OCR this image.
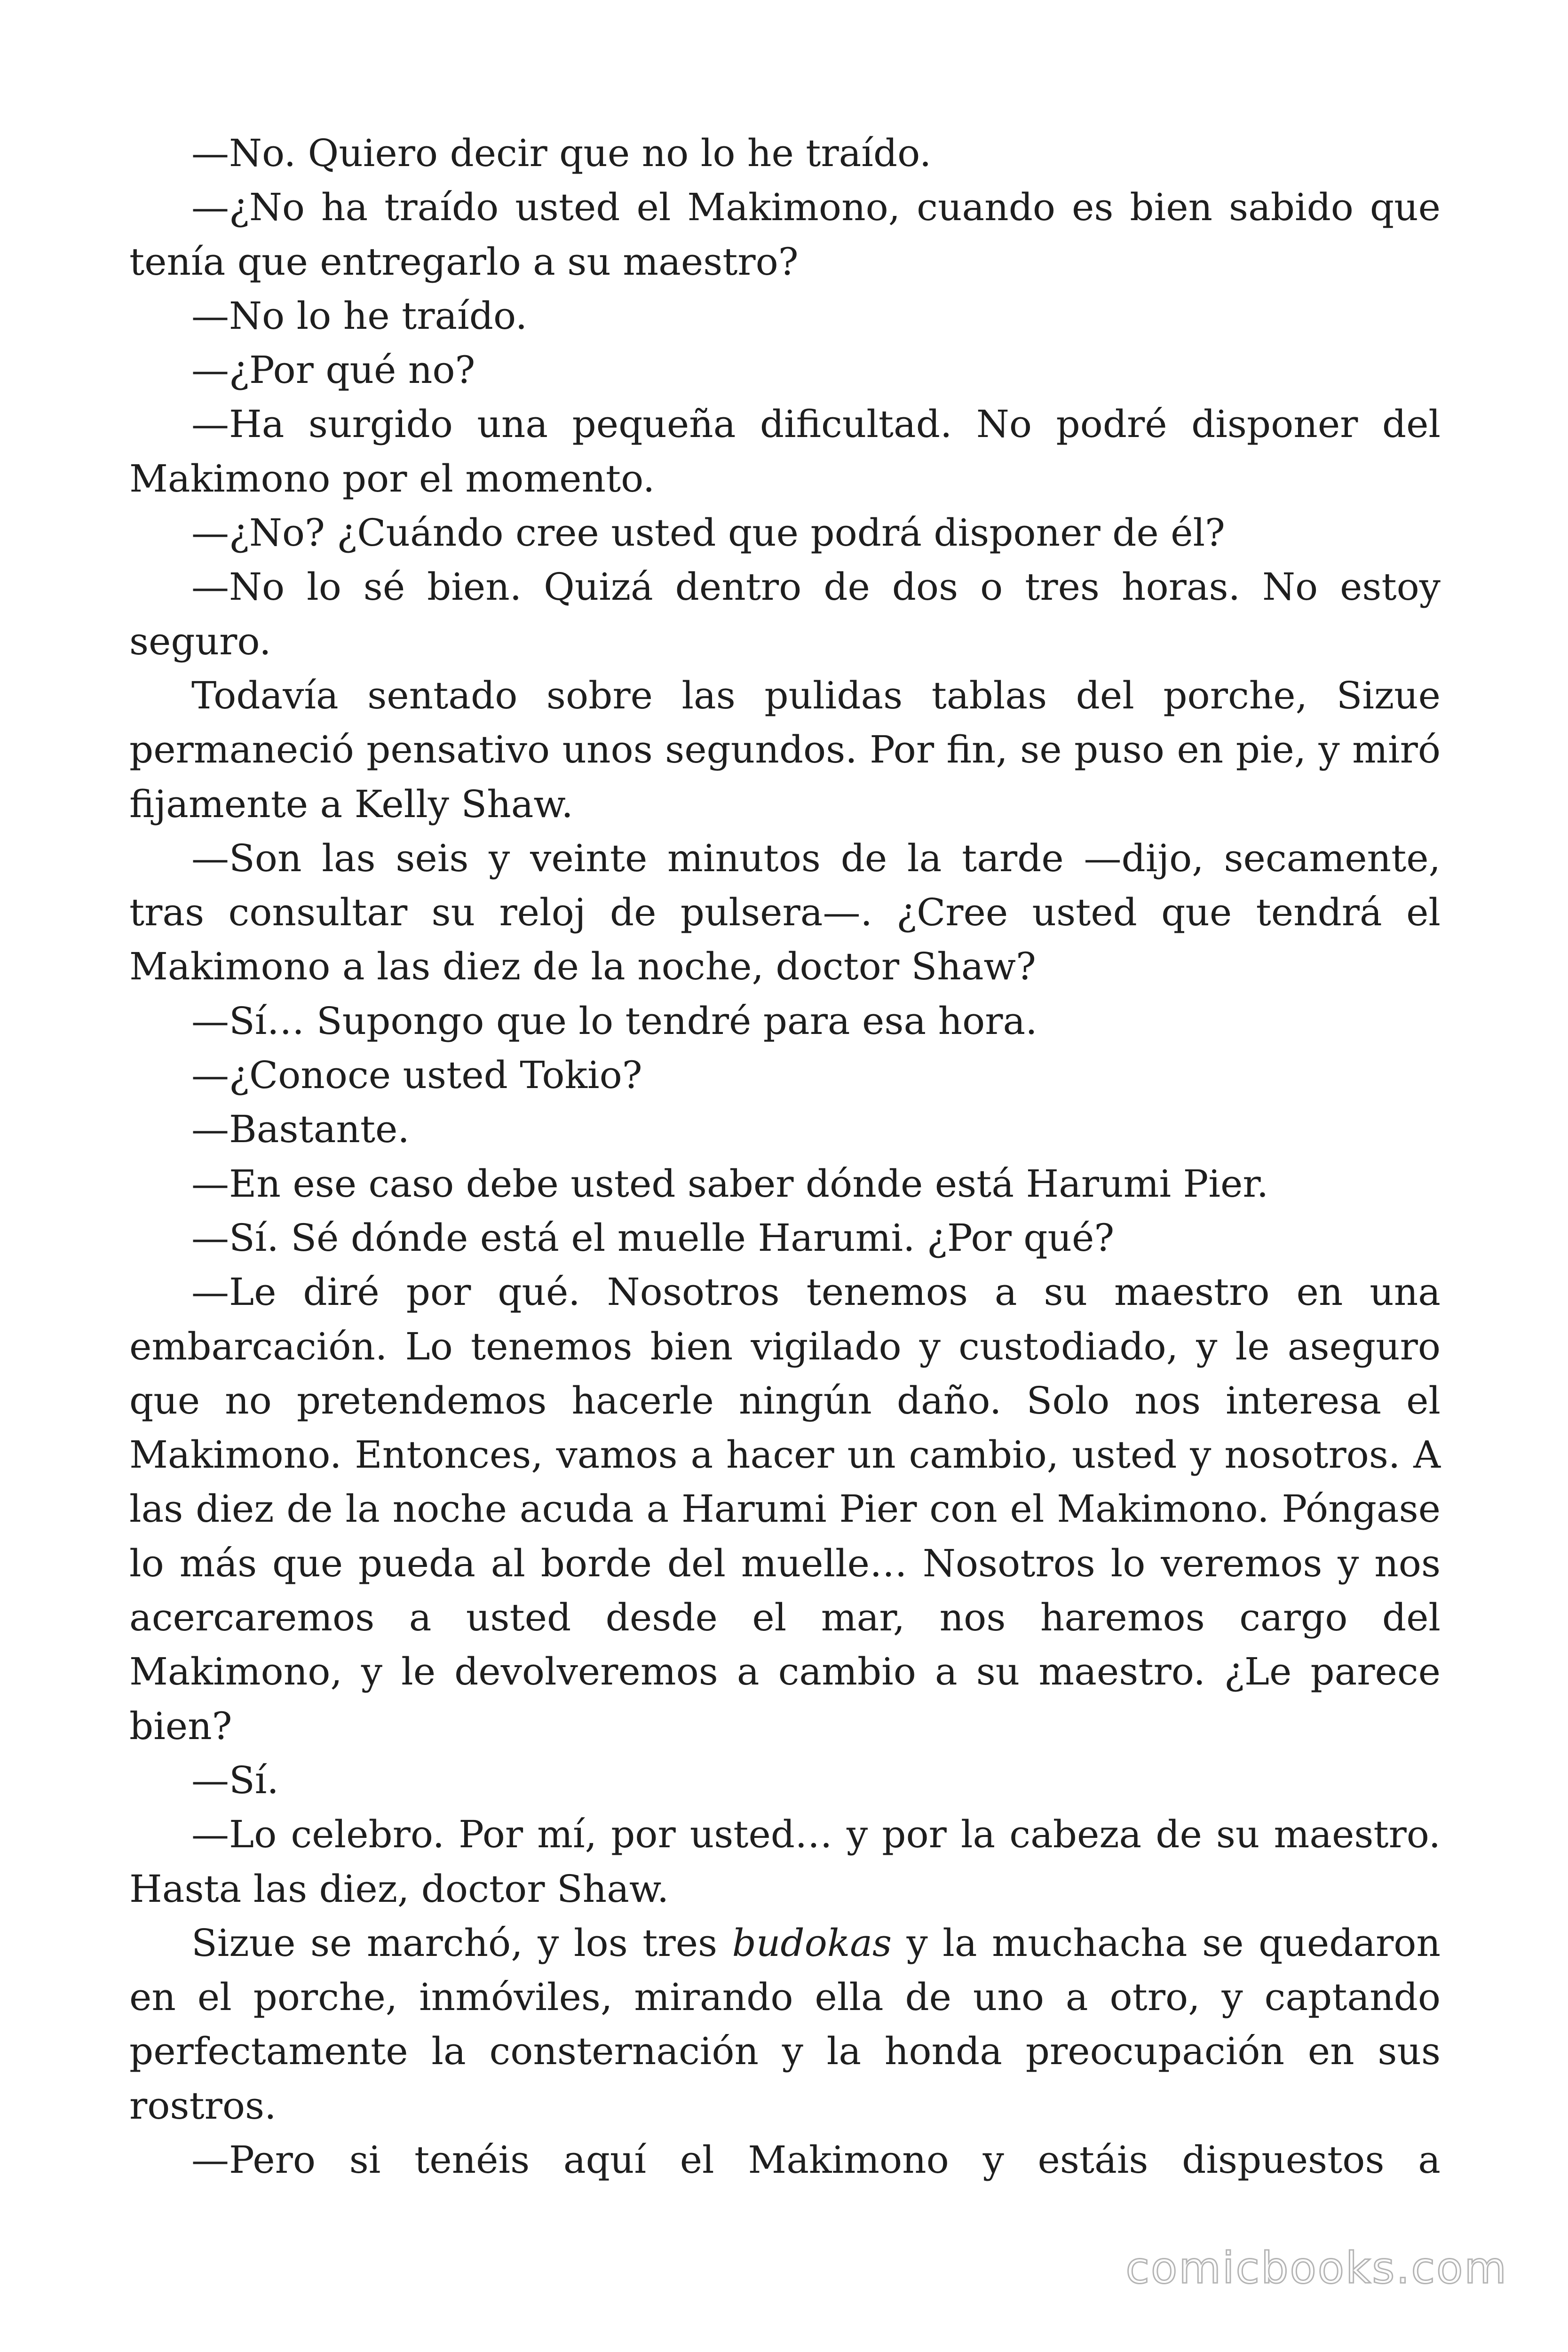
—No. Quiero decir que no lo he traído.

—¿No ha traído usted el Makimono, cuando es bien sabido que tenía que entregarlo a su maestro?

—No lo he traído.

—¿Por qué no?

—Ha surgido una pequeña dificultad. No podré disponer del Makimono por el momento.

—¿No? ¿Cuándo cree usted que podrá disponer de él?

—No lo sé bien. Quizá dentro de dos o tres horas. No estoy seguro.

Todavía sentado sobre las pulidas tablas del porche, Sizue permaneció pensativo unos segundos. Por fin, se puso en pie, y miró fijamente a Kelly Shaw.

—Son las seis y veinte minutos de la tarde —dijo, secamente, tras consultar su reloj de pulsera—. ¿Cree usted que tendrá el Makimono a las diez de la noche, doctor Shaw?

—Sí… Supongo que lo tendré para esa hora.

—¿Conoce usted Tokio?

—Bastante.

—En ese caso debe usted saber dónde está Harumi Pier.

—Sí. Sé dónde está el muelle Harumi. ¿Por qué?

—Le diré por qué. Nosotros tenemos a su maestro en una embarcación. Lo tenemos bien vigilado y custodiado, y le aseguro que no pretendemos hacerle ningún daño. Solo nos interesa el Makimono. Entonces, vamos a hacer un cambio, usted y nosotros. A las diez de la noche acuda a Harumi Pier con el Makimono. Póngase lo más que pueda al borde del muelle… Nosotros lo veremos y nos acercaremos a usted desde el mar, nos haremos cargo del Makimono, y le devolveremos a cambio a su maestro. ¿Le parece bien?

—Sí.

—Lo celebro. Por mí, por usted… y por la cabeza de su maestro. Hasta las diez, doctor Shaw.

Sizue se marchó, y los tres budokas y la muchacha se quedaron en el porche, inmóviles, mirando ella de uno a otro, y captando perfectamente la consternación y la honda preocupación en sus rostros.

—Pero si tenéis aquí el Makimono y estáis dispuestos a

comicbooks.com
